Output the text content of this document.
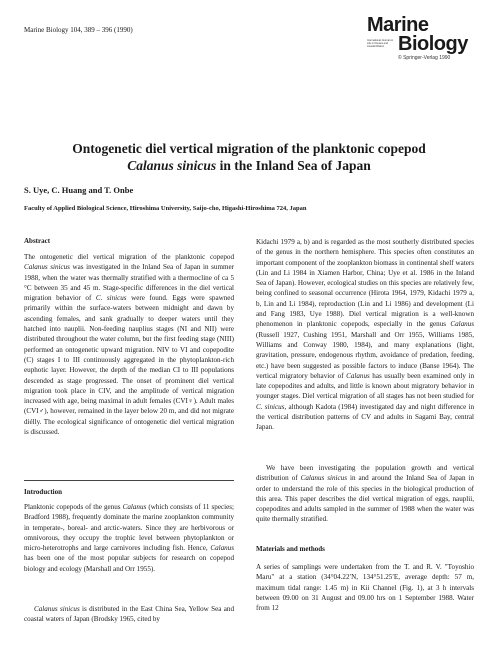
Marine Biology 104, 389 – 396 (1990)	Marine
International Journal on Life in Oceans and Coastal Waters Biology
© Springer-Verlag 1990
Ontogenetic diel vertical migration of the planktonic copepod
Calanus sinicus in the Inland Sea of Japan
S. Uye, C. Huang and T. Onbe
Faculty of Applied Biological Science, Hiroshima University, Saijo-cho, Higashi-Hiroshima 724, Japan
Abstract
The ontogenetic diel vertical migration of the planktonic copepod Calanus sinicus was investigated in the Inland Sea of Japan in summer 1988, when the water was thermally stratified with a thermocline of ca 5 °C between 35 and 45 m. Stage-specific differences in the diel vertical migration behavior of C. sinicus were found. Eggs were spawned primarily within the surface-waters between midnight and dawn by ascending females, and sank gradually to deeper waters until they hatched into nauplii. Non-feeding nauplius stages (NI and NII) were distributed throughout the water column, but the first feeding stage (NIII) performed an ontogenetic upward migration. NIV to VI and copepodite (C) stages I to III continuously aggregated in the phytoplankton-rich euphotic layer. However, the depth of the median CI to III populations descended as stage progressed. The onset of prominent diel vertical migration took place in CIV, and the amplitude of vertical migration increased with age, being maximal in adult females (CVI♀). Adult males (CVI♂), however, remained in the layer below 20 m, and did not migrate diélly. The ecological significance of ontogenetic diel vertical migration is discussed.
Introduction
Planktonic copepods of the genus Calanus (which consists of 11 species; Bradford 1988), frequently dominate the marine zooplankton community in temperate-, boreal- and arctic-waters. Since they are herbivorous or omnivorous, they occupy the trophic level between phytoplankton or micro-heterotrophs and large carnivores including fish. Hence, Calanus has been one of the most popular subjects for research on copepod biology and ecology (Marshall and Orr 1955).
Calanus sinicus is distributed in the East China Sea, Yellow Sea and coastal waters of Japan (Brodsky 1965, cited by
Kidachi 1979 a, b) and is regarded as the most southerly distributed species of the genus in the northern hemisphere. This species often constitutes an important component of the zooplankton biomass in continental shelf waters (Lin and Li 1984 in Xiamen Harbor, China; Uye et al. 1986 in the Inland Sea of Japan). However, ecological studies on this species are relatively few, being confined to seasonal occurrence (Hirota 1964, 1979, Kidachi 1979 a, b, Lin and Li 1984), reproduction (Lin and Li 1986) and development (Li and Fang 1983, Uye 1988). Diel vertical migration is a well-known phenomenon in planktonic copepods, especially in the genus Calanus (Russell 1927, Cushing 1951, Marshall and Orr 1955, Williams 1985, Williams and Conway 1980, 1984), and many explanations (light, gravitation, pressure, endogenous rhythm, avoidance of predation, feeding, etc.) have been suggested as possible factors to induce (Banse 1964). The vertical migratory behavior of Calanus has usually been examined only in late copepodites and adults, and little is known about migratory behavior in younger stages. Diel vertical migration of all stages has not been studied for C. sinicus, although Kadota (1984) investigated day and night difference in the vertical distribution patterns of CV and adults in Sagami Bay, central Japan.
We have been investigating the population growth and vertical distribution of Calanus sinicus in and around the Inland Sea of Japan in order to understand the role of this species in the biological production of this area. This paper describes the diel vertical migration of eggs, nauplii, copepodites and adults sampled in the summer of 1988 when the water was quite thermally stratified.
Materials and methods
A series of samplings were undertaken from the T. and R. V. "Toyoshio Maru" at a station (34°04.22′N, 134°51.25′E, average depth: 57 m, maximum tidal range: 1.45 m) in Kii Channel (Fig. 1), at 3 h intervals between 09.00 on 31 August and 09.00 hrs on 1 September 1988. Water from 12
